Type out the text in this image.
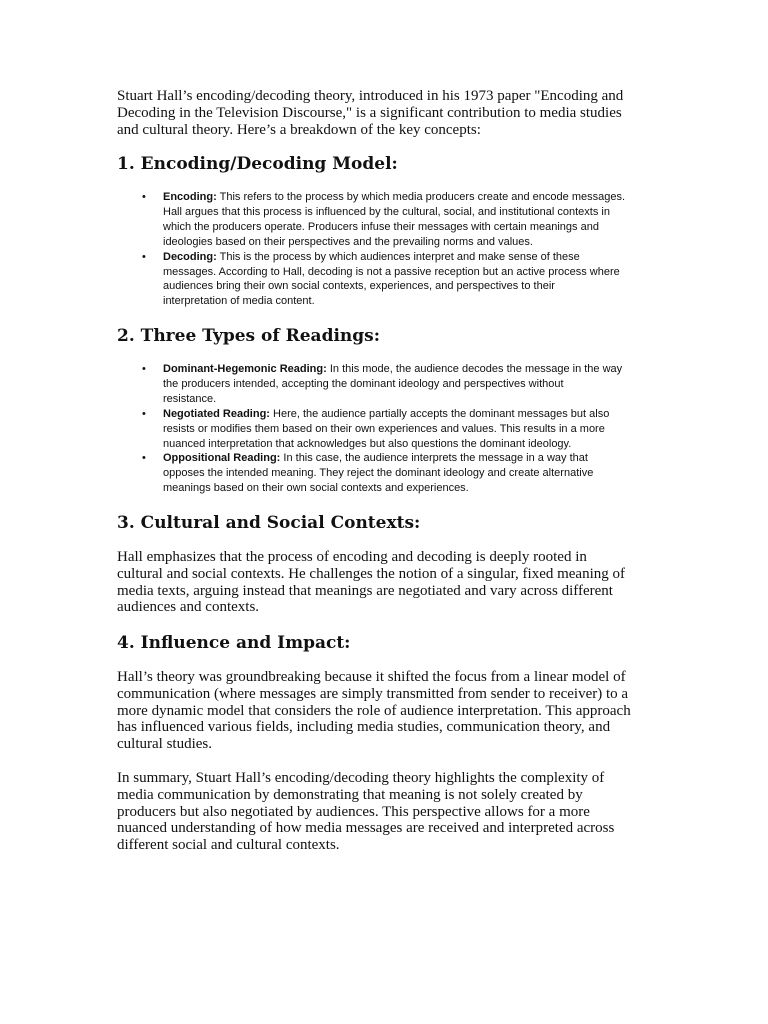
Stuart Hall’s encoding/decoding theory, introduced in his 1973 paper "Encoding and
Decoding in the Television Discourse," is a significant contribution to media studies
and cultural theory. Here’s a breakdown of the key concepts:

1. Encoding/Decoding Model:
• Encoding: This refers to the process by which media producers create and encode messages.
Hall argues that this process is influenced by the cultural, social, and institutional contexts in
which the producers operate. Producers infuse their messages with certain meanings and
ideologies based on their perspectives and the prevailing norms and values.
• Decoding: This is the process by which audiences interpret and make sense of these
messages. According to Hall, decoding is not a passive reception but an active process where
audiences bring their own social contexts, experiences, and perspectives to their
interpretation of media content.
2. Three Types of Readings:
• Dominant-Hegemonic Reading: In this mode, the audience decodes the message in the way
the producers intended, accepting the dominant ideology and perspectives without
resistance.
• Negotiated Reading: Here, the audience partially accepts the dominant messages but also
resists or modifies them based on their own experiences and values. This results in a more
nuanced interpretation that acknowledges but also questions the dominant ideology.
• Oppositional Reading: In this case, the audience interprets the message in a way that
opposes the intended meaning. They reject the dominant ideology and create alternative
meanings based on their own social contexts and experiences.
3. Cultural and Social Contexts:

Hall emphasizes that the process of encoding and decoding is deeply rooted in
cultural and social contexts. He challenges the notion of a singular, fixed meaning of
media texts, arguing instead that meanings are negotiated and vary across different
audiences and contexts.

4. Influence and Impact:

Hall’s theory was groundbreaking because it shifted the focus from a linear model of
communication (where messages are simply transmitted from sender to receiver) to a
more dynamic model that considers the role of audience interpretation. This approach
has influenced various fields, including media studies, communication theory, and
cultural studies.

In summary, Stuart Hall’s encoding/decoding theory highlights the complexity of
media communication by demonstrating that meaning is not solely created by
producers but also negotiated by audiences. This perspective allows for a more
nuanced understanding of how media messages are received and interpreted across
different social and cultural contexts.
